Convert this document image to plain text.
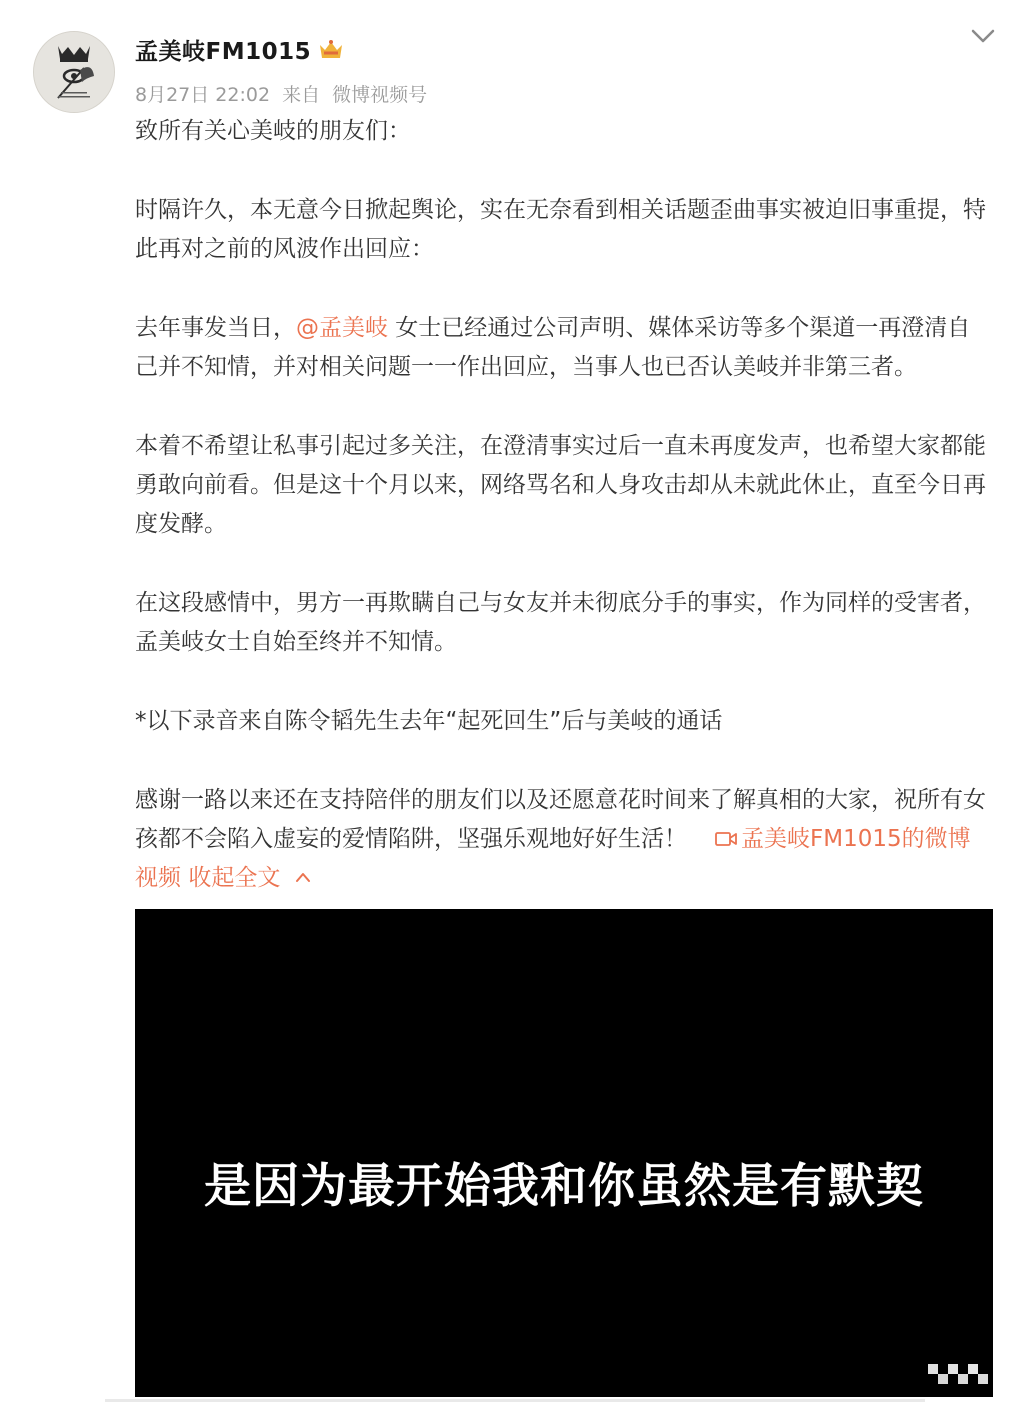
孟美岐FM1015
8月27日 22:02 来自 微博视频号

致所有关心美岐的朋友们：

时隔许久，本无意今日掀起舆论，实在无奈看到相关话题歪曲事实被迫旧事重提，特此再对之前的风波作出回应：

去年事发当日，@孟美岐 女士已经通过公司声明、媒体采访等多个渠道一再澄清自己并不知情，并对相关问题一一作出回应，当事人也已否认美岐并非第三者。

本着不希望让私事引起过多关注，在澄清事实过后一直未再度发声，也希望大家都能勇敢向前看。但是这十个月以来，网络骂名和人身攻击却从未就此休止，直至今日再度发酵。

在这段感情中，男方一再欺瞒自己与女友并未彻底分手的事实，作为同样的受害者，孟美岐女士自始至终并不知情。

*以下录音来自陈令韬先生去年“起死回生”后与美岐的通话

感谢一路以来还在支持陪伴的朋友们以及还愿意花时间来了解真相的大家，祝所有女孩都不会陷入虚妄的爱情陷阱，坚强乐观地好好生活！ 孟美岐FM1015的微博视频 收起全文

是因为最开始我和你虽然是有默契
